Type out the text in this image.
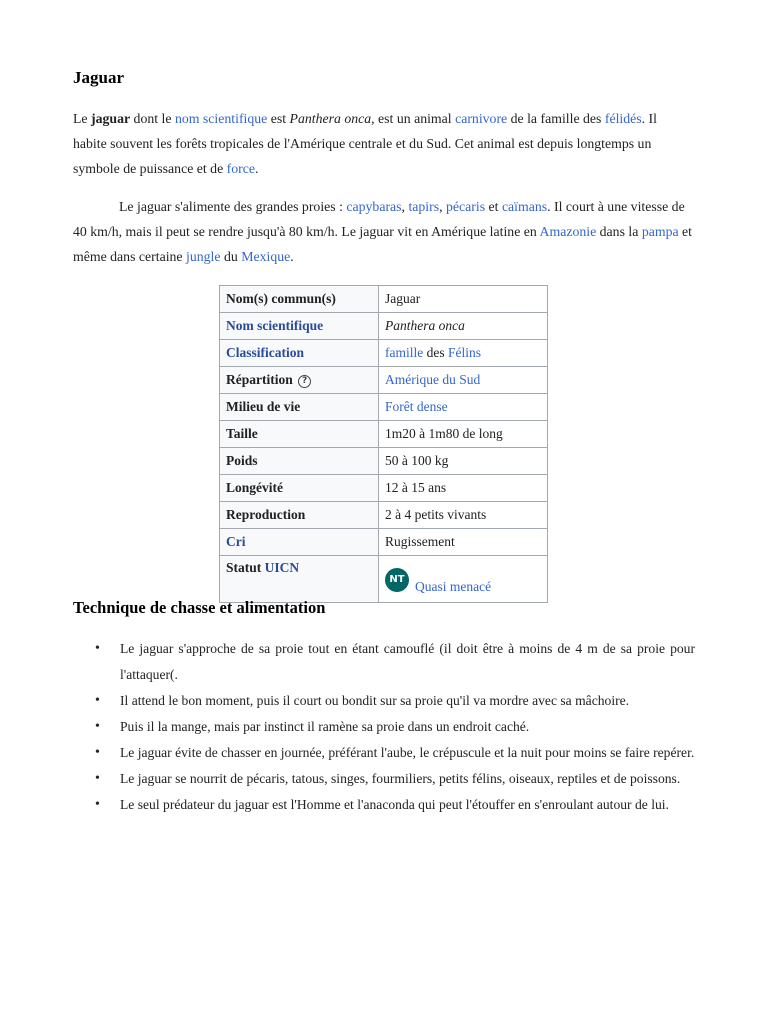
Jaguar

Le jaguar dont le nom scientifique est Panthera onca, est un animal carnivore de la famille des félidés. Il habite souvent les forêts tropicales de l'Amérique centrale et du Sud. Cet animal est depuis longtemps un symbole de puissance et de force.

Le jaguar s'alimente des grandes proies : capybaras, tapirs, pécaris et caïmans. Il court à une vitesse de 40 km/h, mais il peut se rendre jusqu'à 80 km/h. Le jaguar vit en Amérique latine en Amazonie dans la pampa et même dans certaine jungle du Mexique.

Nom(s) commun(s)	Jaguar
Nom scientifique	Panthera onca
Classification	famille des Félins
Répartition ?	Amérique du Sud
Milieu de vie	Forêt dense
Taille	1m20 à 1m80 de long
Poids	50 à 100 kg
Longévité	12 à 15 ans
Reproduction	2 à 4 petits vivants
Cri	Rugissement
Statut UICN	NT Quasi menacé
Technique de chasse et alimentation
• Le jaguar s'approche de sa proie tout en étant camouflé (il doit être à moins de 4 m de sa proie pour l'attaquer(.
• Il attend le bon moment, puis il court ou bondit sur sa proie qu'il va mordre avec sa mâchoire.
• Puis il la mange, mais par instinct il ramène sa proie dans un endroit caché.
• Le jaguar évite de chasser en journée, préférant l'aube, le crépuscule et la nuit pour moins se faire repérer.
• Le jaguar se nourrit de pécaris, tatous, singes, fourmiliers, petits félins, oiseaux, reptiles et de poissons.
• Le seul prédateur du jaguar est l'Homme et l'anaconda qui peut l'étouffer en s'enroulant autour de lui.
